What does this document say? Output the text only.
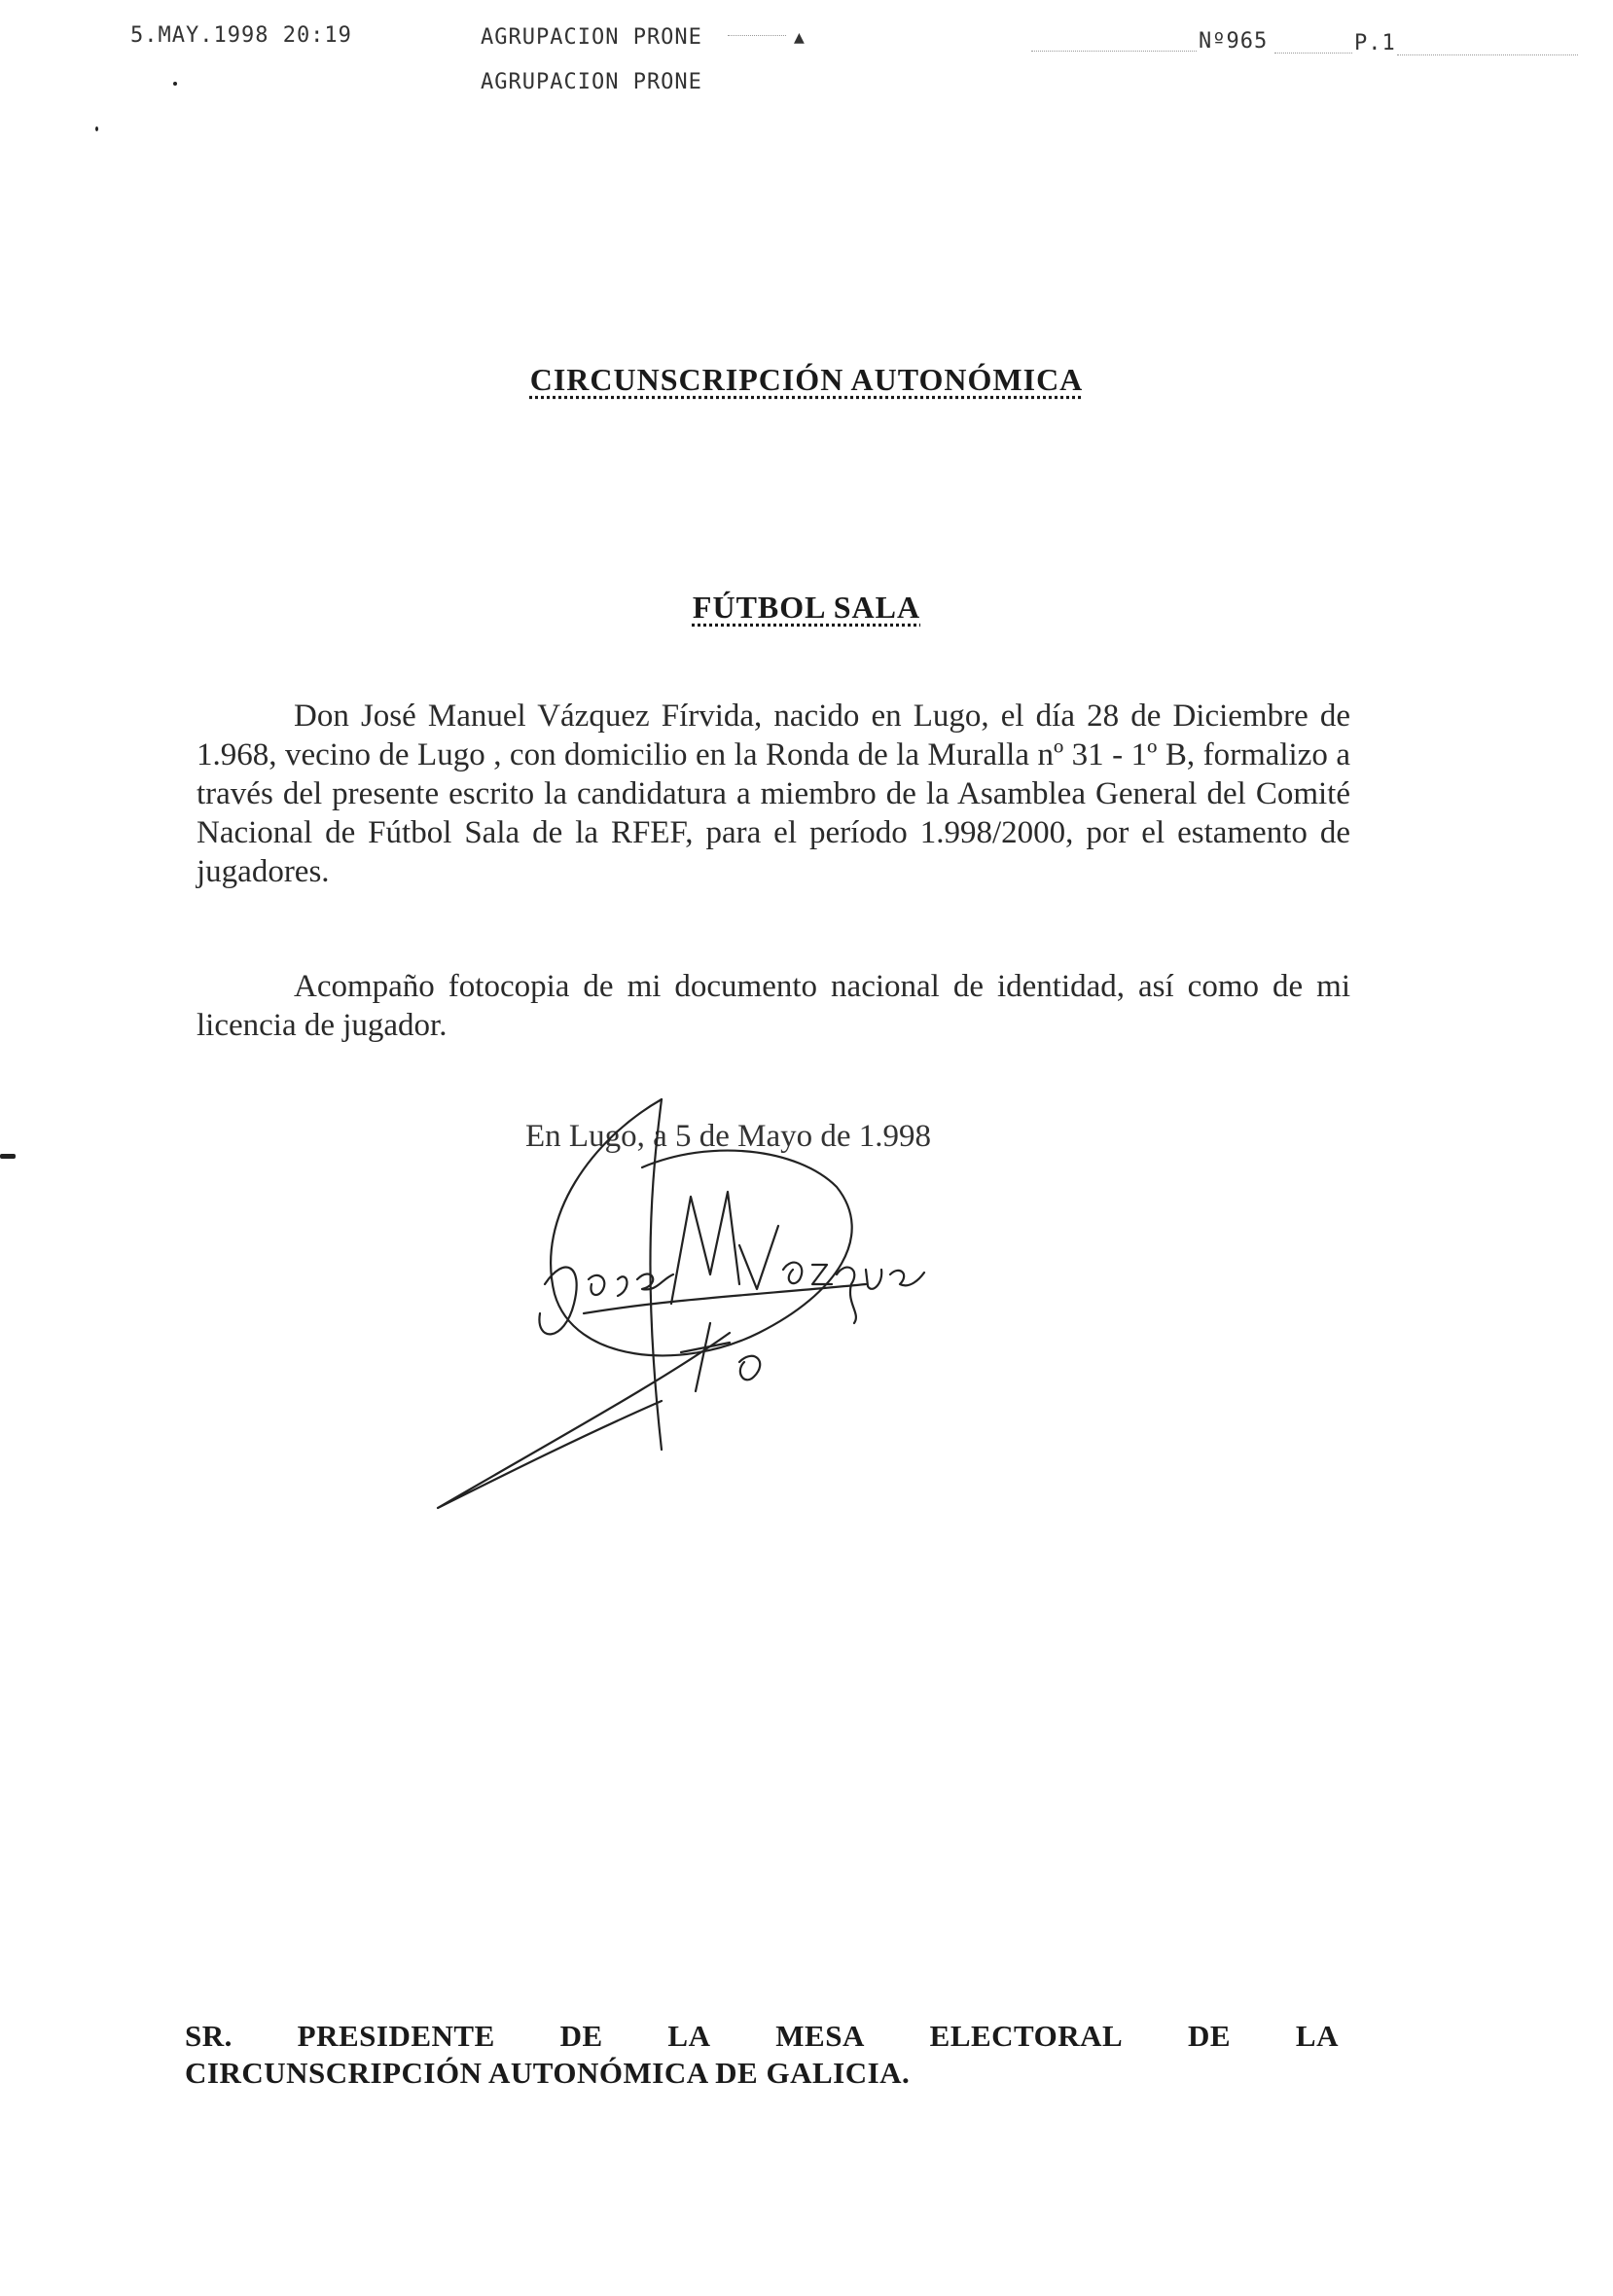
5.MAY.1998 20:19	AGRUPACION PRONE	▲	Nº965	P.1
AGRUPACION PRONE
CIRCUNSCRIPCIÓN AUTONÓMICA
FÚTBOL SALA
Don José Manuel Vázquez Fírvida, nacido en Lugo, el día 28 de Diciembre de 1.968, vecino de Lugo , con domicilio en la Ronda de la Muralla nº 31 - 1º B, formalizo a través del presente escrito la candidatura a miembro de la Asamblea General del Comité Nacional de Fútbol Sala de la RFEF, para el período 1.998/2000, por el estamento de jugadores.
Acompaño fotocopia de mi documento nacional de identidad, así como de mi licencia de jugador.
En Lugo, a 5 de Mayo de 1.998
SR. PRESIDENTE DE LA MESA ELECTORAL DE LA
CIRCUNSCRIPCIÓN AUTONÓMICA DE GALICIA.
